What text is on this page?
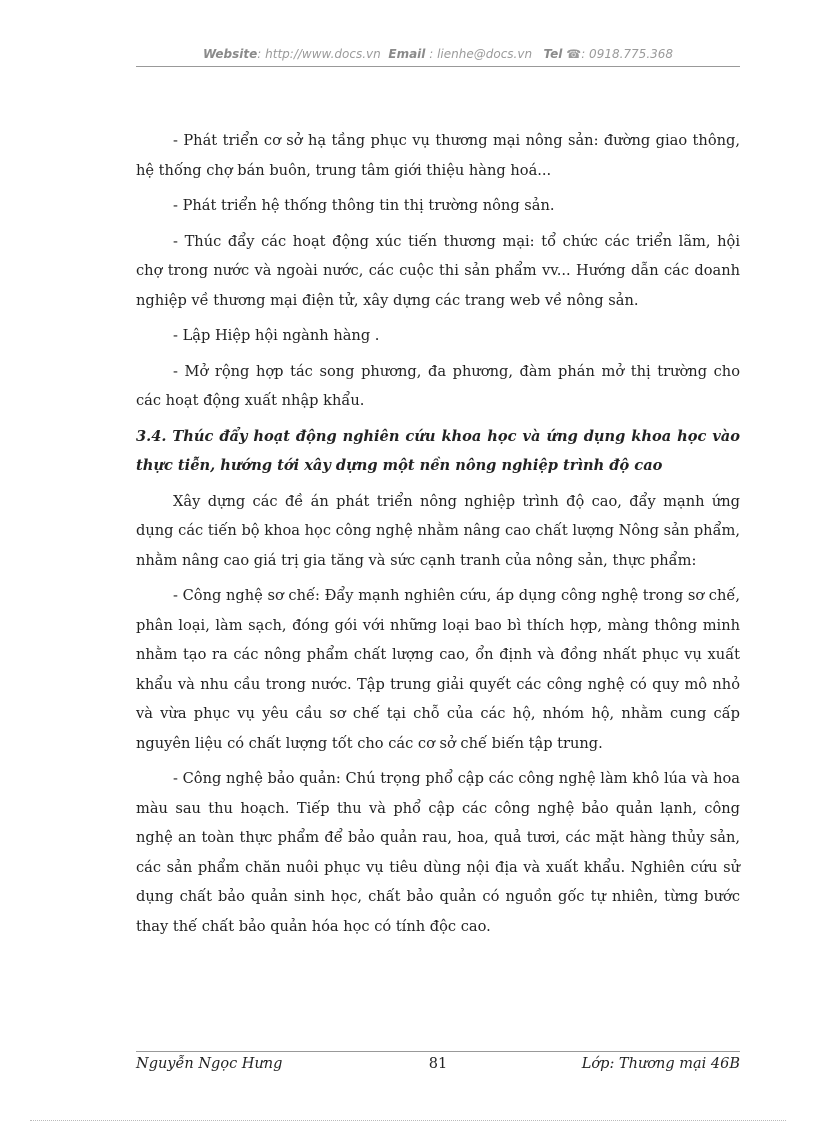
Website: http://www.docs.vn Email : lienhe@docs.vn Tel ☎: 0918.775.368

- Phát triển cơ sở hạ tầng phục vụ thương mại nông sản: đường giao thông, hệ thống chợ bán buôn, trung tâm giới thiệu hàng hoá...

- Phát triển hệ thống thông tin thị trường nông sản.

- Thúc đẩy các hoạt động xúc tiến thương mại: tổ chức các triển lãm, hội chợ trong nước và ngoài nước, các cuộc thi sản phẩm vv... Hướng dẫn các doanh nghiệp về thương mại điện tử, xây dựng các trang web về nông sản.

- Lập Hiệp hội ngành hàng .

- Mở rộng hợp tác song phương, đa phương, đàm phán mở thị trường cho các hoạt động xuất nhập khẩu.

3.4. Thúc đẩy hoạt động nghiên cứu khoa học và ứng dụng khoa học vào thực tiễn, hướng tới xây dựng một nền nông nghiệp trình độ cao

Xây dựng các đề án phát triển nông nghiệp trình độ cao, đẩy mạnh ứng dụng các tiến bộ khoa học công nghệ nhằm nâng cao chất lượng Nông sản phẩm, nhằm nâng cao giá trị gia tăng và sức cạnh tranh của nông sản, thực phẩm:

- Công nghệ sơ chế: Đẩy mạnh nghiên cứu, áp dụng công nghệ trong sơ chế, phân loại, làm sạch, đóng gói với những loại bao bì thích hợp, màng thông minh nhằm tạo ra các nông phẩm chất lượng cao, ổn định và đồng nhất phục vụ xuất khẩu và nhu cầu trong nước. Tập trung giải quyết các công nghệ có quy mô nhỏ và vừa phục vụ yêu cầu sơ chế tại chỗ của các hộ, nhóm hộ, nhằm cung cấp nguyên liệu có chất lượng tốt cho các cơ sở chế biến tập trung.

- Công nghệ bảo quản: Chú trọng phổ cập các công nghệ làm khô lúa và hoa màu sau thu hoạch. Tiếp thu và phổ cập các công nghệ bảo quản lạnh, công nghệ an toàn thực phẩm để bảo quản rau, hoa, quả tươi, các mặt hàng thủy sản, các sản phẩm chăn nuôi phục vụ tiêu dùng nội địa và xuất khẩu. Nghiên cứu sử dụng chất bảo quản sinh học, chất bảo quản có nguồn gốc tự nhiên, từng bước thay thế chất bảo quản hóa học có tính độc cao.

Nguyễn Ngọc Hưng	81	Lớp: Thương mại 46B
